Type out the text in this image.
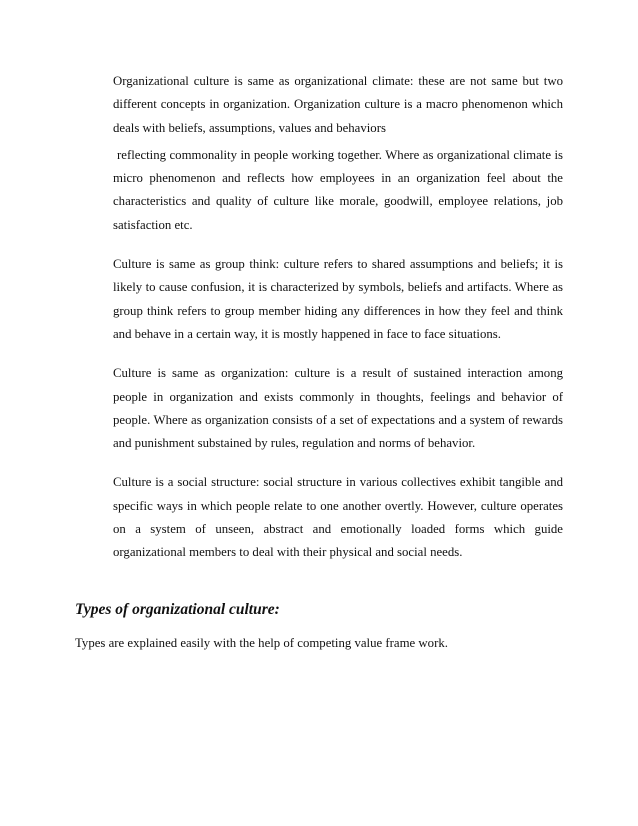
Organizational culture is same as organizational climate: these are not same but two different concepts in organization. Organization culture is a macro phenomenon which deals with beliefs, assumptions, values and behaviors

reflecting commonality in people working together. Where as organizational climate is micro phenomenon and reflects how employees in an organization feel about the characteristics and quality of culture like morale, goodwill, employee relations, job satisfaction etc.

Culture is same as group think: culture refers to shared assumptions and beliefs; it is likely to cause confusion, it is characterized by symbols, beliefs and artifacts. Where as group think refers to group member hiding any differences in how they feel and think and behave in a certain way, it is mostly happened in face to face situations.

Culture is same as organization: culture is a result of sustained interaction among people in organization and exists commonly in thoughts, feelings and behavior of people. Where as organization consists of a set of expectations and a system of rewards and punishment substained by rules, regulation and norms of behavior.

Culture is a social structure: social structure in various collectives exhibit tangible and specific ways in which people relate to one another overtly. However, culture operates on a system of unseen, abstract and emotionally loaded forms which guide organizational members to deal with their physical and social needs.

Types of organizational culture:

Types are explained easily with the help of competing value frame work.
